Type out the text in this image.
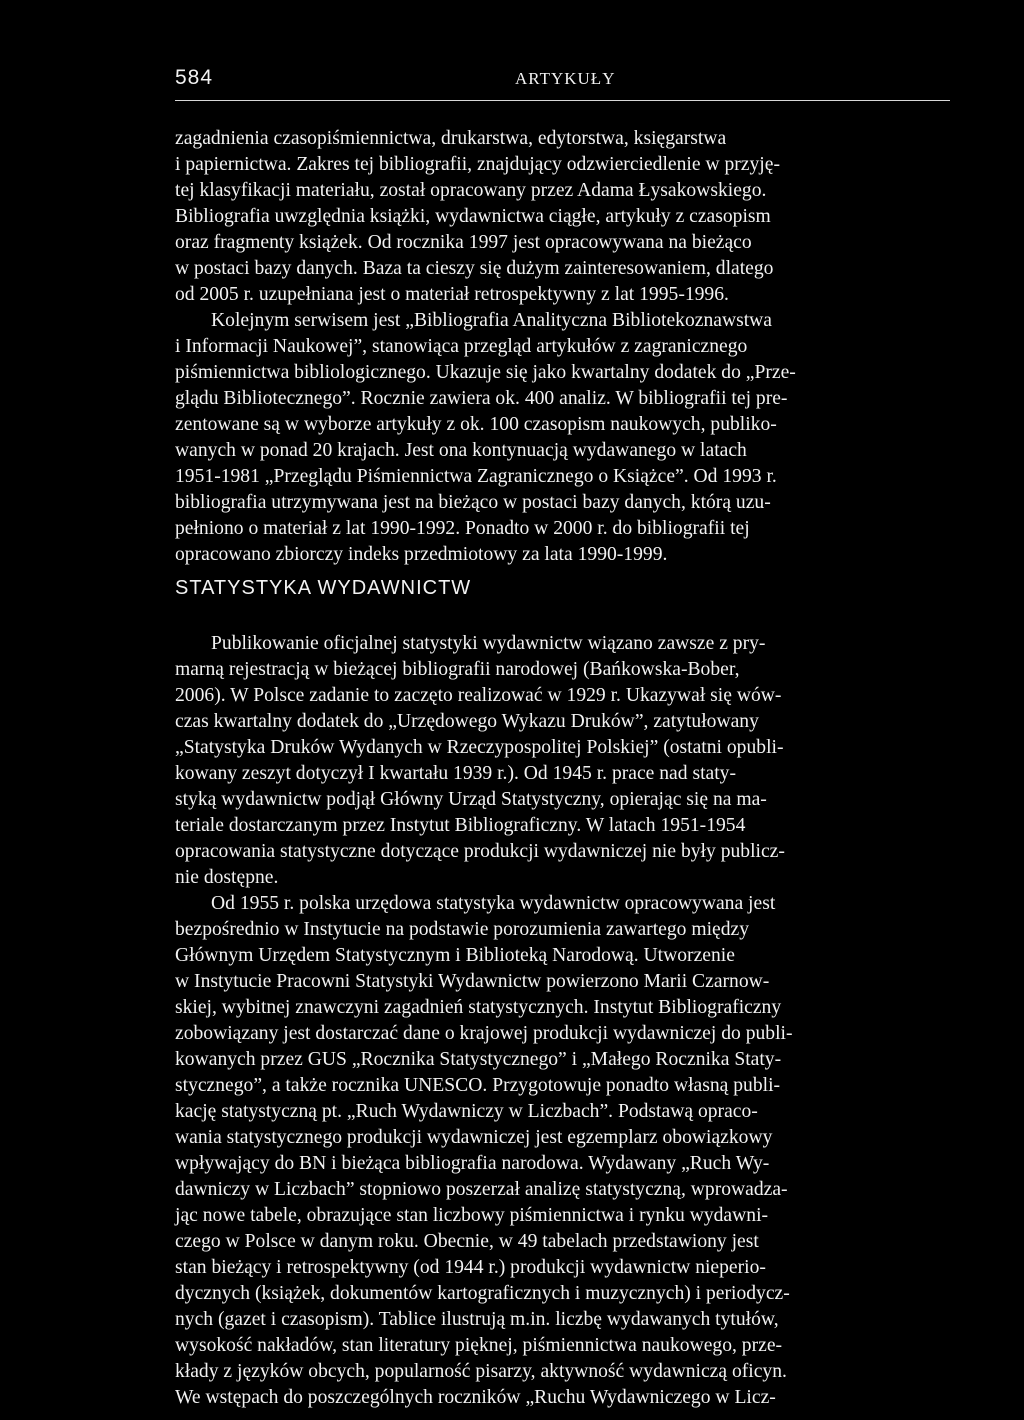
584	ARTYKUŁY
zagadnienia czasopiśmiennictwa, drukarstwa, edytorstwa, księgarstwa
i papiernictwa. Zakres tej bibliografii, znajdujący odzwierciedlenie w przyję-
tej klasyfikacji materiału, został opracowany przez Adama Łysakowskiego.
Bibliografia uwzględnia książki, wydawnictwa ciągłe, artykuły z czasopism
oraz fragmenty książek. Od rocznika 1997 jest opracowywana na bieżąco
w postaci bazy danych. Baza ta cieszy się dużym zainteresowaniem, dlatego
od 2005 r. uzupełniana jest o materiał retrospektywny z lat 1995-1996.
Kolejnym serwisem jest „Bibliografia Analityczna Bibliotekoznawstwa
i Informacji Naukowej”, stanowiąca przegląd artykułów z zagranicznego
piśmiennictwa bibliologicznego. Ukazuje się jako kwartalny dodatek do „Prze-
glądu Bibliotecznego”. Rocznie zawiera ok. 400 analiz. W bibliografii tej pre-
zentowane są w wyborze artykuły z ok. 100 czasopism naukowych, publiko-
wanych w ponad 20 krajach. Jest ona kontynuacją wydawanego w latach
1951-1981 „Przeglądu Piśmiennictwa Zagranicznego o Książce”. Od 1993 r.
bibliografia utrzymywana jest na bieżąco w postaci bazy danych, którą uzu-
pełniono o materiał z lat 1990-1992. Ponadto w 2000 r. do bibliografii tej
opracowano zbiorczy indeks przedmiotowy za lata 1990-1999.
STATYSTYKA WYDAWNICTW
Publikowanie oficjalnej statystyki wydawnictw wiązano zawsze z pry-
marną rejestracją w bieżącej bibliografii narodowej (Bańkowska-Bober,
2006). W Polsce zadanie to zaczęto realizować w 1929 r. Ukazywał się wów-
czas kwartalny dodatek do „Urzędowego Wykazu Druków”, zatytułowany
„Statystyka Druków Wydanych w Rzeczypospolitej Polskiej” (ostatni opubli-
kowany zeszyt dotyczył I kwartału 1939 r.). Od 1945 r. prace nad staty-
styką wydawnictw podjął Główny Urząd Statystyczny, opierając się na ma-
teriale dostarczanym przez Instytut Bibliograficzny. W latach 1951-1954
opracowania statystyczne dotyczące produkcji wydawniczej nie były publicz-
nie dostępne.
Od 1955 r. polska urzędowa statystyka wydawnictw opracowywana jest
bezpośrednio w Instytucie na podstawie porozumienia zawartego między
Głównym Urzędem Statystycznym i Biblioteką Narodową. Utworzenie
w Instytucie Pracowni Statystyki Wydawnictw powierzono Marii Czarnow-
skiej, wybitnej znawczyni zagadnień statystycznych. Instytut Bibliograficzny
zobowiązany jest dostarczać dane o krajowej produkcji wydawniczej do publi-
kowanych przez GUS „Rocznika Statystycznego” i „Małego Rocznika Staty-
stycznego”, a także rocznika UNESCO. Przygotowuje ponadto własną publi-
kację statystyczną pt. „Ruch Wydawniczy w Liczbach”. Podstawą opraco-
wania statystycznego produkcji wydawniczej jest egzemplarz obowiązkowy
wpływający do BN i bieżąca bibliografia narodowa. Wydawany „Ruch Wy-
dawniczy w Liczbach” stopniowo poszerzał analizę statystyczną, wprowadza-
jąc nowe tabele, obrazujące stan liczbowy piśmiennictwa i rynku wydawni-
czego w Polsce w danym roku. Obecnie, w 49 tabelach przedstawiony jest
stan bieżący i retrospektywny (od 1944 r.) produkcji wydawnictw nieperio-
dycznych (książek, dokumentów kartograficznych i muzycznych) i periodycz-
nych (gazet i czasopism). Tablice ilustrują m.in. liczbę wydawanych tytułów,
wysokość nakładów, stan literatury pięknej, piśmiennictwa naukowego, prze-
kłady z języków obcych, popularność pisarzy, aktywność wydawniczą oficyn.
We wstępach do poszczególnych roczników „Ruchu Wydawniczego w Licz-
